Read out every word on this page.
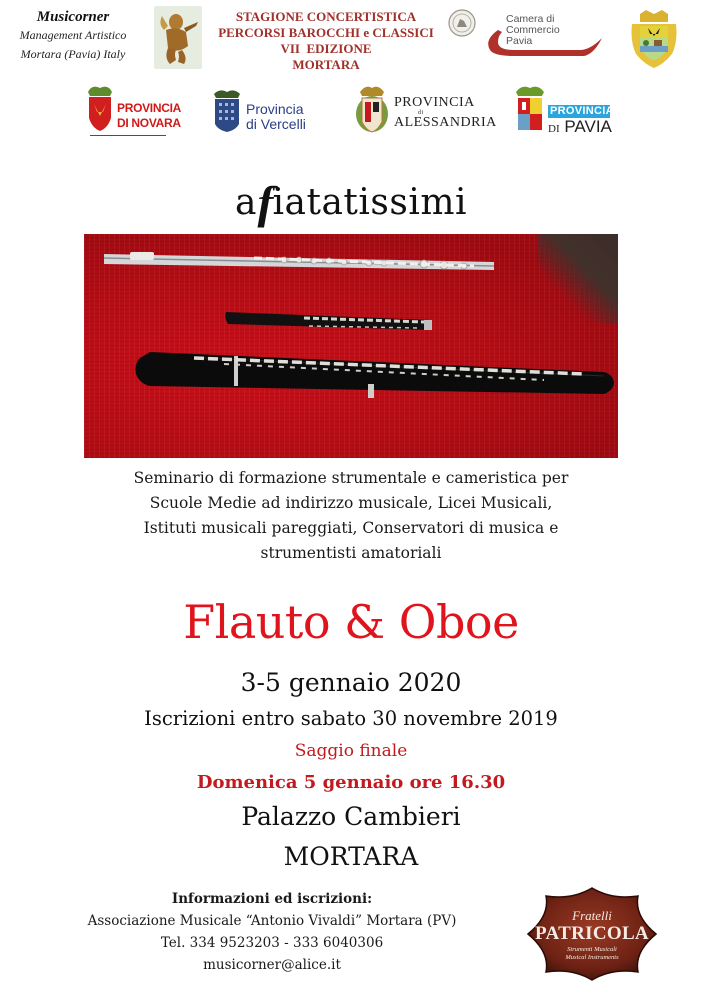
Musicorner
Management Artistico
Mortara (Pavia) Italy
STAGIONE CONCERTISTICA
PERCORSI BAROCCHI e CLASSICI
VII  EDIZIONE
MORTARA
Camera di Commercio
Pavia
PROVINCIA
DI NOVARA
Provincia
di Vercelli
PROVINCIA
di
ALESSANDRIA
PROVINCIA
DI PAVIA
aff iatatissimi
Seminario di formazione strumentale e cameristica per
Scuole Medie ad indirizzo musicale, Licei Musicali,
Istituti musicali pareggiati, Conservatori di musica e
strumentisti amatoriali
Flauto & Oboe
3-5 gennaio 2020
Iscrizioni entro sabato 30 novembre 2019
Saggio finale
Domenica 5 gennaio ore 16.30
Palazzo Cambieri
MORTARA
Informazioni ed iscrizioni:
Associazione Musicale “Antonio Vivaldi” Mortara (PV)
Tel. 334 9523203 - 333 6040306
musicorner@alice.it
Fratelli
PATRICOLA
Strumenti Musicali
Musical Instruments
